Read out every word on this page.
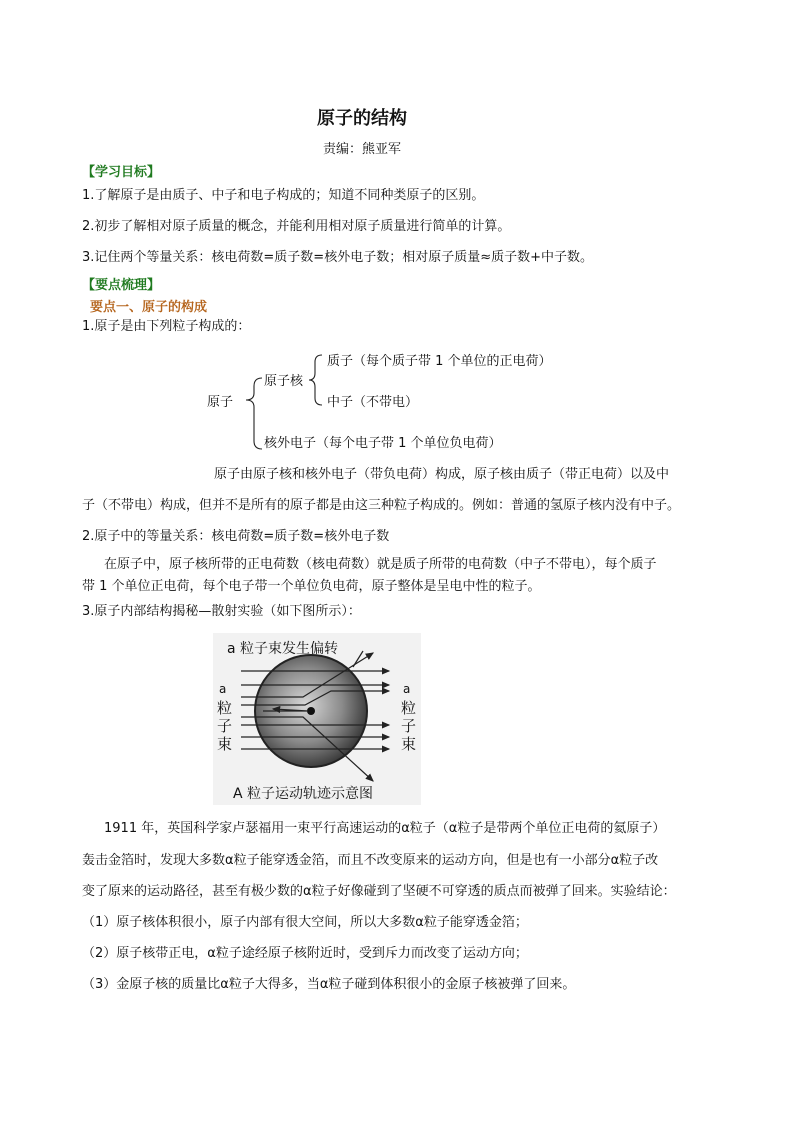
原子的结构
责编：熊亚军
【学习目标】
1.了解原子是由质子、中子和电子构成的；知道不同种类原子的区别。
2.初步了解相对原子质量的概念，并能利用相对原子质量进行简单的计算。
3.记住两个等量关系：核电荷数=质子数=核外电子数；相对原子质量≈质子数+中子数。
【要点梳理】
要点一、原子的构成
1.原子是由下列粒子构成的：
原子
原子核
质子（每个质子带 1 个单位的正电荷）
中子（不带电）
核外电子（每个电子带 1 个单位负电荷）
原子由原子核和核外电子（带负电荷）构成，原子核由质子（带正电荷）以及中
子（不带电）构成，但并不是所有的原子都是由这三种粒子构成的。例如：普通的氢原子核内没有中子。
2.原子中的等量关系：核电荷数=质子数=核外电子数
在原子中，原子核所带的正电荷数（核电荷数）就是质子所带的电荷数（中子不带电），每个质子
带 1 个单位正电荷，每个电子带一个单位负电荷，原子整体是呈电中性的粒子。
3.原子内部结构揭秘—散射实验（如下图所示）：
a 粒子束发生偏转
a
粒
子
束
a
粒
子
束
A 粒子运动轨迹示意图
1911 年，英国科学家卢瑟福用一束平行高速运动的α粒子（α粒子是带两个单位正电荷的氦原子）
轰击金箔时，发现大多数α粒子能穿透金箔，而且不改变原来的运动方向，但是也有一小部分α粒子改
变了原来的运动路径，甚至有极少数的α粒子好像碰到了坚硬不可穿透的质点而被弹了回来。实验结论：
（1）原子核体积很小，原子内部有很大空间，所以大多数α粒子能穿透金箔；
（2）原子核带正电，α粒子途经原子核附近时，受到斥力而改变了运动方向；
（3）金原子核的质量比α粒子大得多，当α粒子碰到体积很小的金原子核被弹了回来。
